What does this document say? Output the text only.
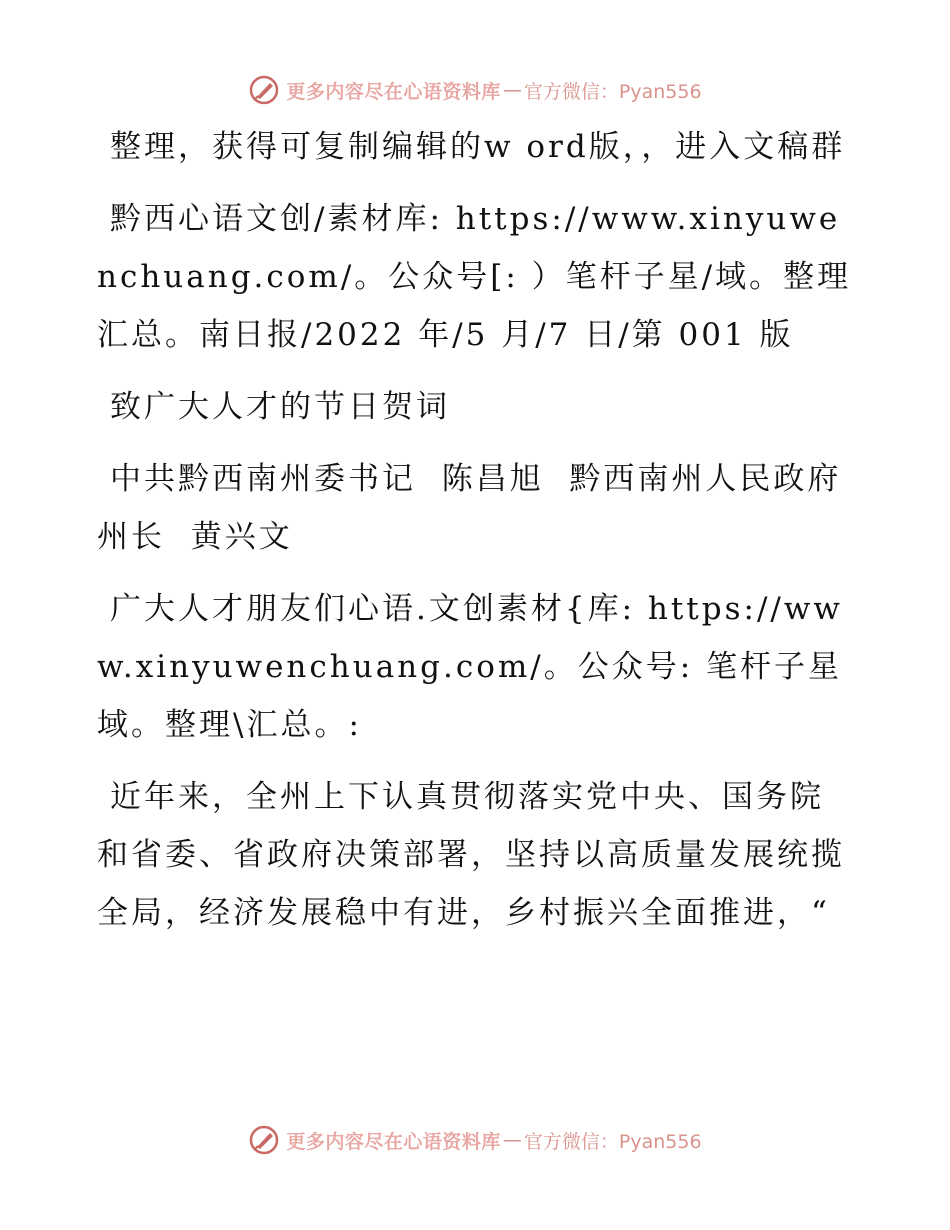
更多内容尽在心语资料库 — 官方微信：Pyan556

整理，获得可复制编辑的w ord版，，进入文稿群

黔西心语文创/素材库: https://www.xinyuwenchuang.com/。公众号[: ）笔杆子星/域。整理汇总。南日报/2022 年/5 月/7 日/第 001 版

致广大人才的节日贺词

中共黔西南州委书记  陈昌旭  黔西南州人民政府州长  黄兴文

广大人才朋友们心语.文创素材{库: https://www.xinyuwenchuang.com/。公众号: 笔杆子星域。整理\汇总。:

近年来，全州上下认真贯彻落实党中央、国务院和省委、省政府决策部署，坚持以高质量发展统揽全局，经济发展稳中有进，乡村振兴全面推进，“

更多内容尽在心语资料库 — 官方微信：Pyan556
